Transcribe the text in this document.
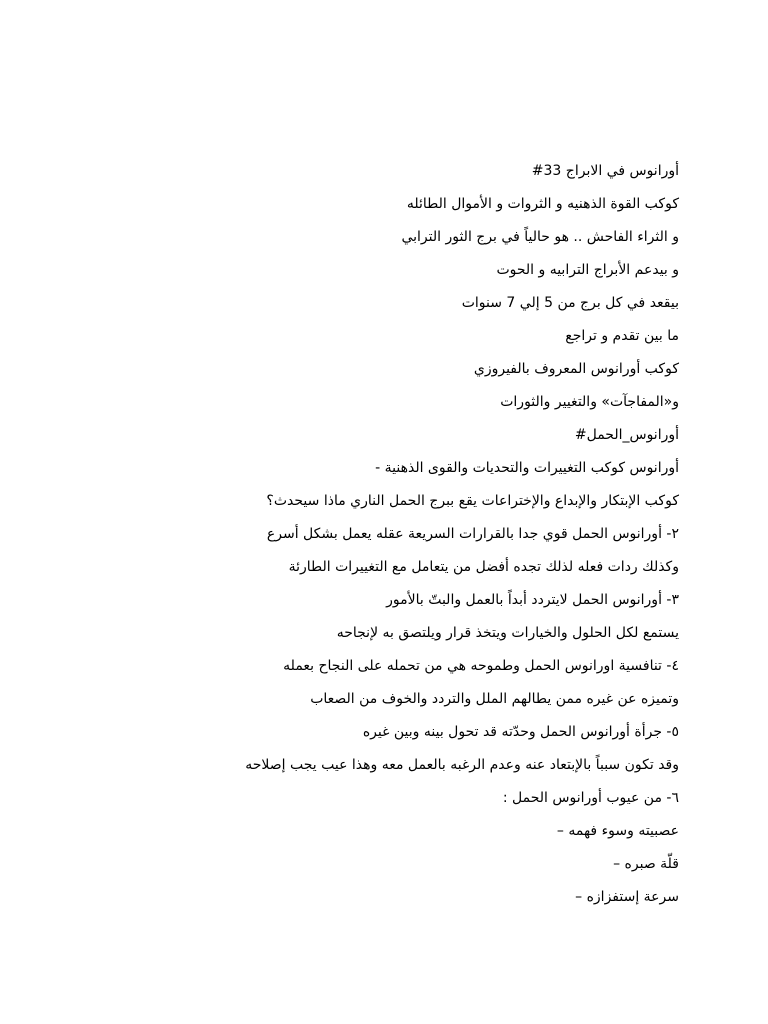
أورانوس في الابراج 33#
كوكب القوة الذهنيه و الثروات و الأموال الطائله
و الثراء الفاحش .. هو حالياً في برج الثور الترابي
و بيدعم الأبراج الترابيه و الحوت
بيقعد في كل برج من 5 إلي 7 سنوات
ما بين تقدم و تراجع
كوكب أورانوس المعروف بالفيروزي
و«المفاجآت» والتغيير والثورات
أورانوس_الحمل#
أورانوس كوكب التغييرات والتحديات والقوى الذهنية -
كوكب الإبتكار والإبداع والإختراعات يقع ببرج الحمل الناري ماذا سيحدث؟
٢- أورانوس الحمل قوي جدا بالقرارات السريعة عقله يعمل بشكل أسرع
وكذلك ردات فعله لذلك تجده أفضل من يتعامل مع التغييرات الطارئة
٣- أورانوس الحمل لايتردد أبداً بالعمل والبتّ بالأمور
يستمع لكل الحلول والخيارات ويتخذ قرار ويلتصق به لإنجاحه
٤- تنافسية اورانوس الحمل وطموحه هي من تحمله على النجاح بعمله
وتميزه عن غيره ممن يطالهم الملل والتردد والخوف من الصعاب
٥- جرأة أورانوس الحمل وحدّته قد تحول بينه وبين غيره
وقد تكون سبباً بالإبتعاد عنه وعدم الرغبه بالعمل معه وهذا عيب يجب إصلاحه
٦- من عيوب أورانوس الحمل :
عصبيته وسوء فهمه –
قلّة صبره –
سرعة إستفزازه –
